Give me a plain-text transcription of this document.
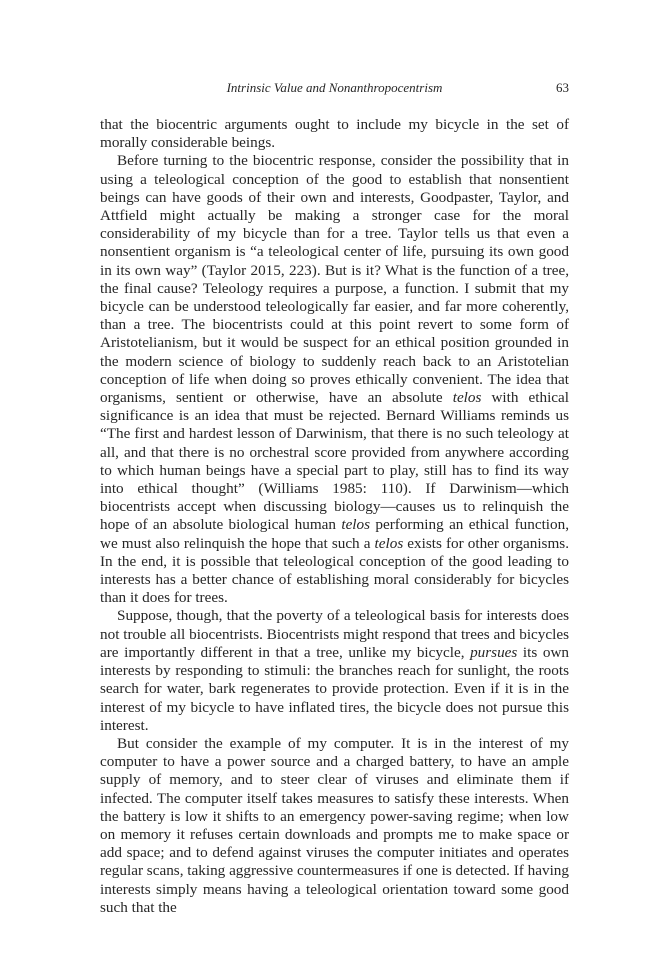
Intrinsic Value and Nonanthropocentrism	63

that the biocentric arguments ought to include my bicycle in the set of morally considerable beings.

Before turning to the biocentric response, consider the possibility that in using a teleological conception of the good to establish that nonsentient beings can have goods of their own and interests, Goodpaster, Taylor, and Attfield might actually be making a stronger case for the moral considerability of my bicycle than for a tree. Taylor tells us that even a nonsentient organism is “a teleological center of life, pursuing its own good in its own way” (Taylor 2015, 223). But is it? What is the function of a tree, the final cause? Teleology requires a purpose, a function. I submit that my bicycle can be understood teleologically far easier, and far more coherently, than a tree. The biocentrists could at this point revert to some form of Aristotelianism, but it would be suspect for an ethical position grounded in the modern science of biology to suddenly reach back to an Aristotelian conception of life when doing so proves ethically convenient. The idea that organisms, sentient or otherwise, have an absolute telos with ethical significance is an idea that must be rejected. Bernard Williams reminds us “The first and hardest lesson of Darwinism, that there is no such teleology at all, and that there is no orchestral score provided from anywhere according to which human beings have a special part to play, still has to find its way into ethical thought” (Williams 1985: 110). If Darwinism—which biocentrists accept when discussing biology—causes us to relinquish the hope of an absolute biological human telos performing an ethical function, we must also relinquish the hope that such a telos exists for other organisms. In the end, it is possible that teleological conception of the good leading to interests has a better chance of establishing moral considerably for bicycles than it does for trees.

Suppose, though, that the poverty of a teleological basis for interests does not trouble all biocentrists. Biocentrists might respond that trees and bicycles are importantly different in that a tree, unlike my bicycle, pursues its own interests by responding to stimuli: the branches reach for sunlight, the roots search for water, bark regenerates to provide protection. Even if it is in the interest of my bicycle to have inflated tires, the bicycle does not pursue this interest.

But consider the example of my computer. It is in the interest of my computer to have a power source and a charged battery, to have an ample supply of memory, and to steer clear of viruses and eliminate them if infected. The computer itself takes measures to satisfy these interests. When the battery is low it shifts to an emergency power-saving regime; when low on memory it refuses certain downloads and prompts me to make space or add space; and to defend against viruses the computer initiates and operates regular scans, taking aggressive countermeasures if one is detected. If having interests simply means having a teleological orientation toward some good such that the
